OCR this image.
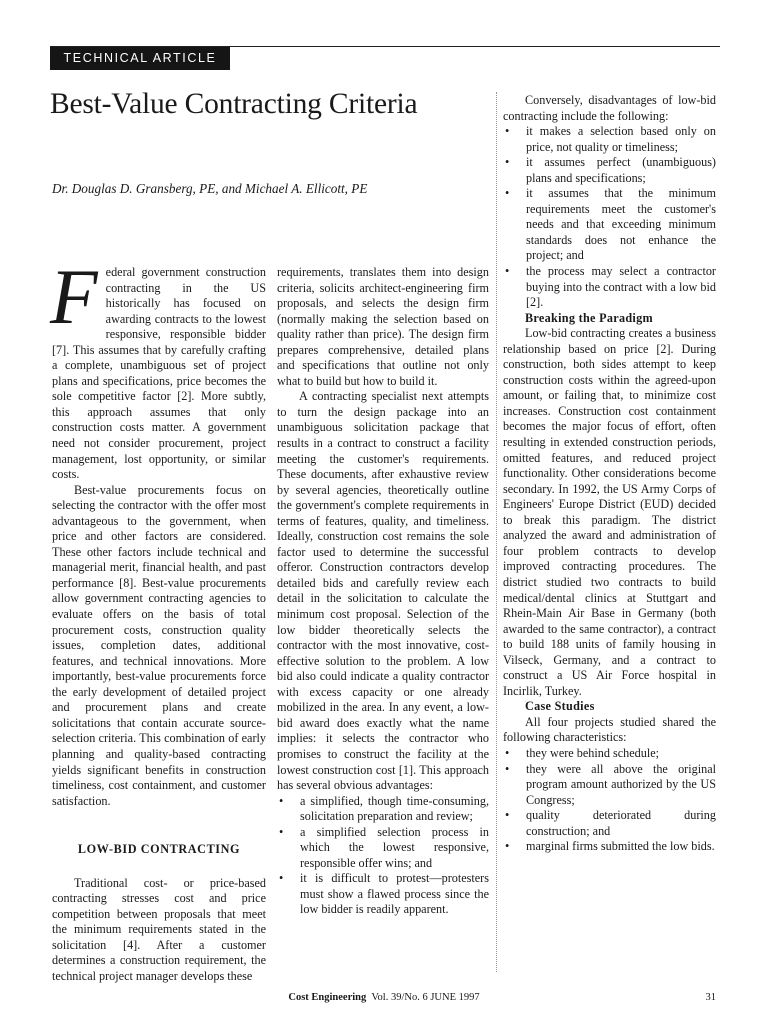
TECHNICAL ARTICLE
Best-Value Contracting Criteria

Dr. Douglas D. Gransberg, PE, and Michael A. Ellicott, PE

Federal government construction contracting in the US historically has focused on awarding contracts to the lowest responsive, responsible bidder [7]. This assumes that by carefully crafting a complete, unambiguous set of project plans and specifications, price becomes the sole competitive factor [2]. More subtly, this approach assumes that only construction costs matter. A government need not consider procurement, project management, lost opportunity, or similar costs.

Best-value procurements focus on selecting the contractor with the offer most advantageous to the government, when price and other factors are considered. These other factors include technical and managerial merit, financial health, and past performance [8]. Best-value procurements allow government contracting agencies to evaluate offers on the basis of total procurement costs, construction quality issues, completion dates, additional features, and technical innovations. More importantly, best-value procurements force the early development of detailed project and procurement plans and create solicitations that contain accurate source-selection criteria. This combination of early planning and quality-based contracting yields significant benefits in construction timeliness, cost containment, and customer satisfaction.

LOW-BID CONTRACTING

Traditional cost- or price-based contracting stresses cost and price competition between proposals that meet the minimum requirements stated in the solicitation [4]. After a customer determines a construction requirement, the technical project manager develops these

requirements, translates them into design criteria, solicits architect-engineering firm proposals, and selects the design firm (normally making the selection based on quality rather than price). The design firm prepares comprehensive, detailed plans and specifications that outline not only what to build but how to build it.

A contracting specialist next attempts to turn the design package into an unambiguous solicitation package that results in a contract to construct a facility meeting the customer's requirements. These documents, after exhaustive review by several agencies, theoretically outline the government's complete requirements in terms of features, quality, and timeliness. Ideally, construction cost remains the sole factor used to determine the successful offeror. Construction contractors develop detailed bids and carefully review each detail in the solicitation to calculate the minimum cost proposal. Selection of the low bidder theoretically selects the contractor with the most innovative, cost-effective solution to the problem. A low bid also could indicate a quality contractor with excess capacity or one already mobilized in the area. In any event, a low-bid award does exactly what the name implies: it selects the contractor who promises to construct the facility at the lowest construction cost [1]. This approach has several obvious advantages:

• a simplified, though time-consuming, solicitation preparation and review;
• a simplified selection process in which the lowest responsive, responsible offer wins; and
• it is difficult to protest—protesters must show a flawed process since the low bidder is readily apparent.

Conversely, disadvantages of low-bid contracting include the following:

• it makes a selection based only on price, not quality or timeliness;
• it assumes perfect (unambiguous) plans and specifications;
• it assumes that the minimum requirements meet the customer's needs and that exceeding minimum standards does not enhance the project; and
• the process may select a contractor buying into the contract with a low bid [2].

Breaking the Paradigm

Low-bid contracting creates a business relationship based on price [2]. During construction, both sides attempt to keep construction costs within the agreed-upon amount, or failing that, to minimize cost increases. Construction cost containment becomes the major focus of effort, often resulting in extended construction periods, omitted features, and reduced project functionality. Other considerations become secondary. In 1992, the US Army Corps of Engineers' Europe District (EUD) decided to break this paradigm. The district analyzed the award and administration of four problem contracts to develop improved contracting procedures. The district studied two contracts to build medical/dental clinics at Stuttgart and Rhein-Main Air Base in Germany (both awarded to the same contractor), a contract to build 188 units of family housing in Vilseck, Germany, and a contract to construct a US Air Force hospital in Incirlik, Turkey.

Case Studies

All four projects studied shared the following characteristics:

• they were behind schedule;
• they were all above the original program amount authorized by the US Congress;
• quality deteriorated during construction; and
• marginal firms submitted the low bids.
Cost Engineering Vol. 39/No. 6 JUNE 1997	31
